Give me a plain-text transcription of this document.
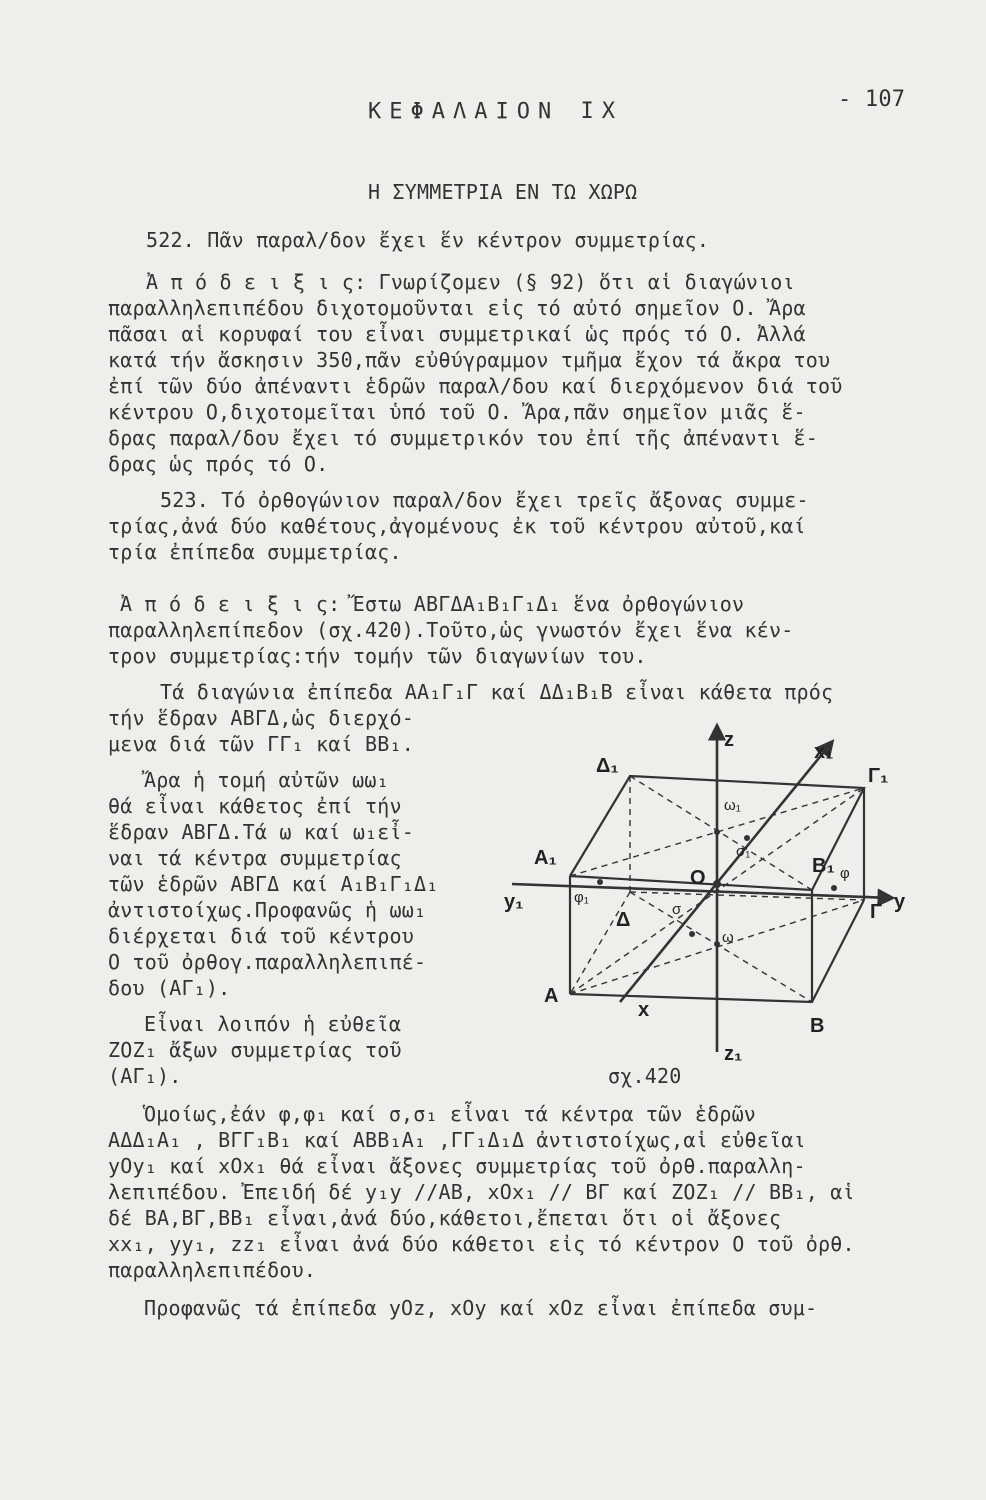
ΚΕΦΑΛΑΙΟΝ IX	- 107
Η ΣΥΜΜΕΤΡΙΑ ΕΝ ΤΩ ΧΩΡΩ
522. Πᾶν παραλ/δον ἔχει ἕν κέντρον συμμετρίας.
Ἀ π ό δ ε ι ξ ι ς: Γνωρίζομεν (§ 92) ὅτι αἱ διαγώνιοι
παραλληλεπιπέδου διχοτομοῦνται εἰς τό αὐτό σημεῖον Ο. Ἄρα
πᾶσαι αἱ κορυφαί του εἶναι συμμετρικαί ὡς πρός τό Ο. Ἀλλά
κατά τήν ἄσκησιν 350,πᾶν εὐθύγραμμον τμῆμα ἔχον τά ἄκρα του
ἐπί τῶν δύο ἀπέναντι ἑδρῶν παραλ/δου καί διερχόμενον διά τοῦ
κέντρου Ο,διχοτομεῖται ὑπό τοῦ Ο. Ἄρα,πᾶν σημεῖον μιᾶς ἕ-
δρας παραλ/δου ἔχει τό συμμετρικόν του ἐπί τῆς ἀπέναντι ἕ-
δρας ὡς πρός τό Ο.
523. Τό ὀρθογώνιον παραλ/δον ἔχει τρεῖς ἄξονας συμμε-
τρίας,ἀνά δύο καθέτους,ἀγομένους ἐκ τοῦ κέντρου αὐτοῦ,καί
τρία ἐπίπεδα συμμετρίας.
Ἀ π ό δ ε ι ξ ι ς: Ἔστω ΑΒΓΔΑ₁Β₁Γ₁Δ₁ ἕνα ὀρθογώνιον
παραλληλεπίπεδον (σχ.420).Τοῦτο,ὡς γνωστόν ἔχει ἕνα κέν-
τρον συμμετρίας:τήν τομήν τῶν διαγωνίων του.
Τά διαγώνια ἐπίπεδα ΑΑ₁Γ₁Γ καί ΔΔ₁Β₁Β εἶναι κάθετα πρός
τήν ἕδραν ΑΒΓΔ,ὡς διερχό-
μενα διά τῶν ΓΓ₁ καί ΒΒ₁.
Ἄρα ἡ τομή αὐτῶν ωω₁
θά εἶναι κάθετος ἐπί τήν
ἕδραν ΑΒΓΔ.Τά ω καί ω₁εἶ-
ναι τά κέντρα συμμετρίας
τῶν ἑδρῶν ΑΒΓΔ καί Α₁Β₁Γ₁Δ₁
ἀντιστοίχως.Προφανῶς ἡ ωω₁
διέρχεται διά τοῦ κέντρου
Ο τοῦ ὀρθογ.παραλληλεπιπέ-
δου (ΑΓ₁).
Εἶναι λοιπόν ἡ εὐθεῖα
ΖΟΖ₁ ἄξων συμμετρίας τοῦ
(ΑΓ₁).
Ὁμοίως,ἐάν φ,φ₁ καί σ,σ₁ εἶναι τά κέντρα τῶν ἑδρῶν
ΑΔΔ₁Α₁ , ΒΓΓ₁Β₁ καί ΑΒΒ₁Α₁ ,ΓΓ₁Δ₁Δ ἀντιστοίχως,αἱ εὐθεῖαι
yOy₁ καί xOx₁ θά εἶναι ἄξονες συμμετρίας τοῦ ὀρθ.παραλλη-
λεπιπέδου. Ἐπειδή δέ y₁y //ΑΒ, xOx₁ // ΒΓ καί ΖΟΖ₁ // ΒΒ₁, αἱ
δέ ΒΑ,ΒΓ,ΒΒ₁ εἶναι,ἀνά δύο,κάθετοι,ἔπεται ὅτι οἱ ἄξονες
xx₁, yy₁, zz₁ εἶναι ἀνά δύο κάθετοι εἰς τό κέντρον Ο τοῦ ὀρθ.
παραλληλεπιπέδου.
Προφανῶς τά ἐπίπεδα yOz, xOy καί xOz εἶναι ἐπίπεδα συμ-
A
B
Γ
Δ
A₁	B₁
Γ₁
Δ₁
O
z
z₁
x
x₁
y
y₁
ω
ω₁
σ
σ₁
φ
φ₁
σχ.420
